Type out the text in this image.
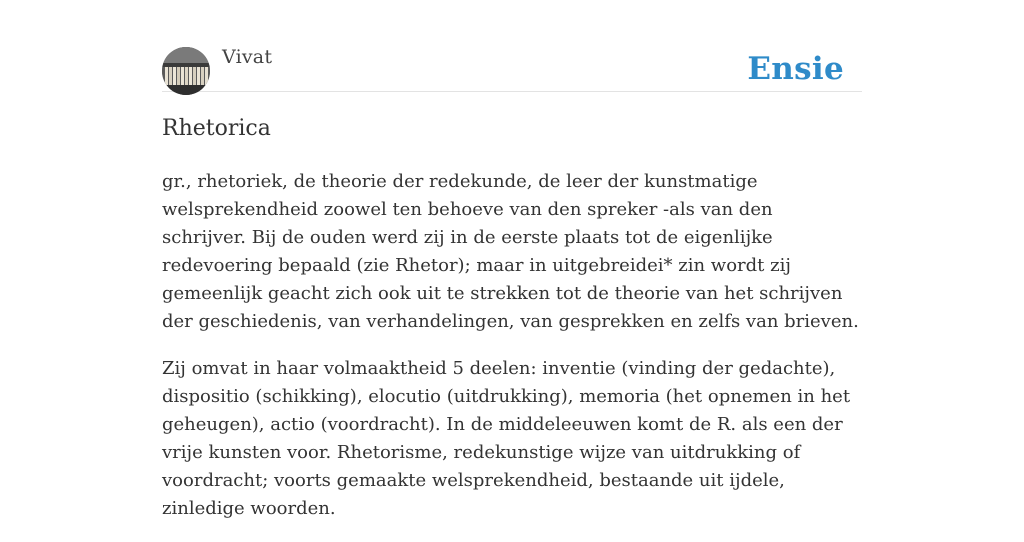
Vivat	Ensie
Rhetorica

gr., rhetoriek, de theorie der redekunde, de leer der kunstmatige welsprekendheid zoowel ten behoeve van den spreker -als van den schrijver. Bij de ouden werd zij in de eerste plaats tot de eigenlijke redevoering bepaald (zie Rhetor); maar in uitgebreidei* zin wordt zij gemeenlijk geacht zich ook uit te strekken tot de theorie van het schrijven der geschiedenis, van verhandelingen, van gesprekken en zelfs van brieven.

Zij omvat in haar volmaaktheid 5 deelen: inventie (vinding der gedachte), dispositio (schikking), elocutio (uitdrukking), memoria (het opnemen in het geheugen), actio (voordracht). In de middeleeuwen komt de R. als een der vrije kunsten voor. Rhetorisme, redekunstige wijze van uitdrukking of voordracht; voorts gemaakte welsprekendheid, bestaande uit ijdele, zinledige woorden.
